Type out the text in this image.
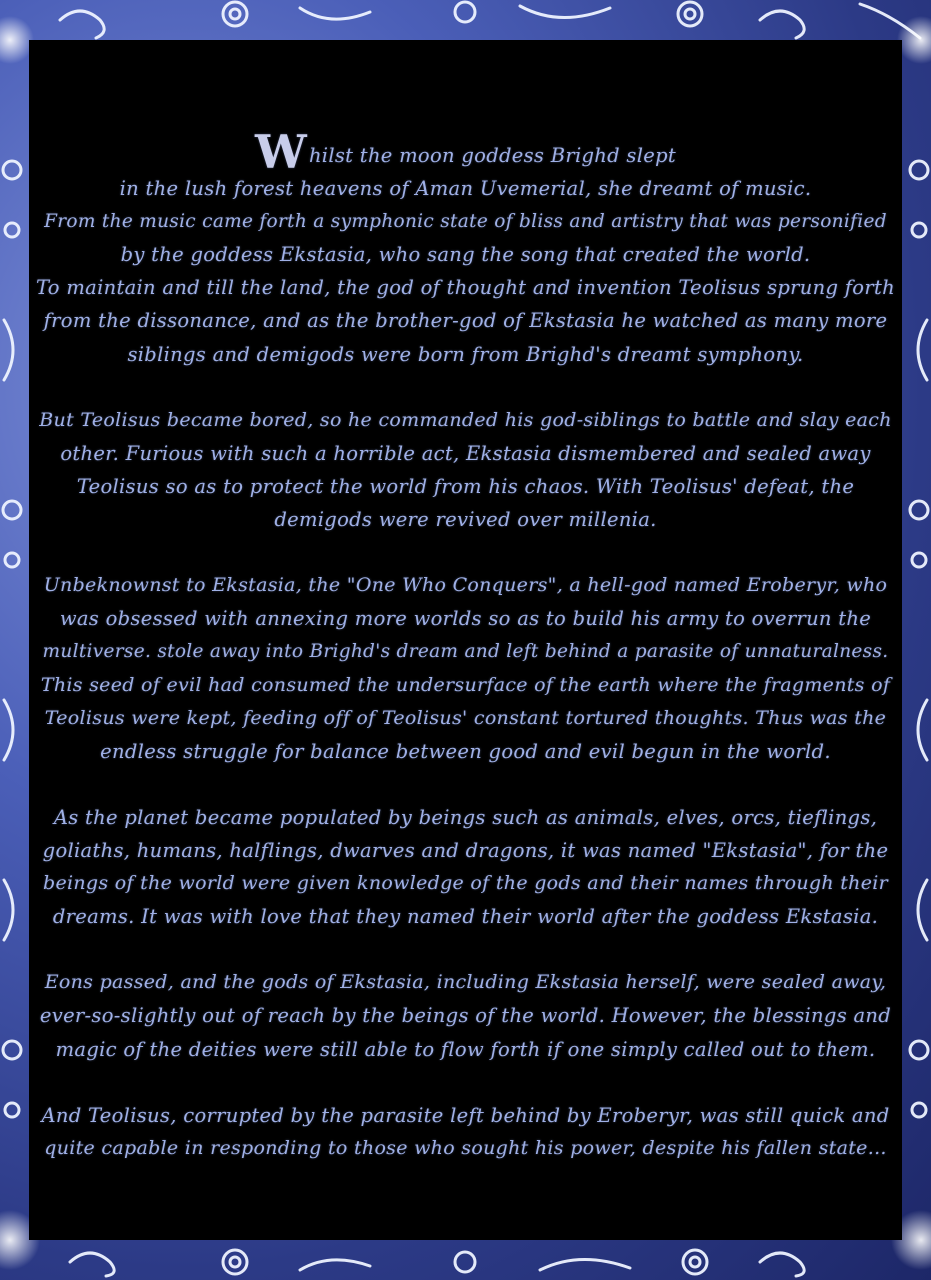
Whilst the moon goddess Brighd slept
in the lush forest heavens of Aman Uvemerial, she dreamt of music.
From the music came forth a symphonic state of bliss and artistry that was personified
by the goddess Ekstasia, who sang the song that created the world.
To maintain and till the land, the god of thought and invention Teolisus sprung forth
from the dissonance, and as the brother-god of Ekstasia he watched as many more
siblings and demigods were born from Brighd's dreamt symphony.

But Teolisus became bored, so he commanded his god-siblings to battle and slay each
other. Furious with such a horrible act, Ekstasia dismembered and sealed away
Teolisus so as to protect the world from his chaos. With Teolisus' defeat, the
demigods were revived over millenia.

Unbeknownst to Ekstasia, the "One Who Conquers", a hell-god named Eroberyr, who
was obsessed with annexing more worlds so as to build his army to overrun the
multiverse. stole away into Brighd's dream and left behind a parasite of unnaturalness.
This seed of evil had consumed the undersurface of the earth where the fragments of
Teolisus were kept, feeding off of Teolisus' constant tortured thoughts. Thus was the
endless struggle for balance between good and evil begun in the world.

As the planet became populated by beings such as animals, elves, orcs, tieflings,
goliaths, humans, halflings, dwarves and dragons, it was named "Ekstasia", for the
beings of the world were given knowledge of the gods and their names through their
dreams. It was with love that they named their world after the goddess Ekstasia.

Eons passed, and the gods of Ekstasia, including Ekstasia herself, were sealed away,
ever-so-slightly out of reach by the beings of the world. However, the blessings and
magic of the deities were still able to flow forth if one simply called out to them.

And Teolisus, corrupted by the parasite left behind by Eroberyr, was still quick and
quite capable in responding to those who sought his power, despite his fallen state...
